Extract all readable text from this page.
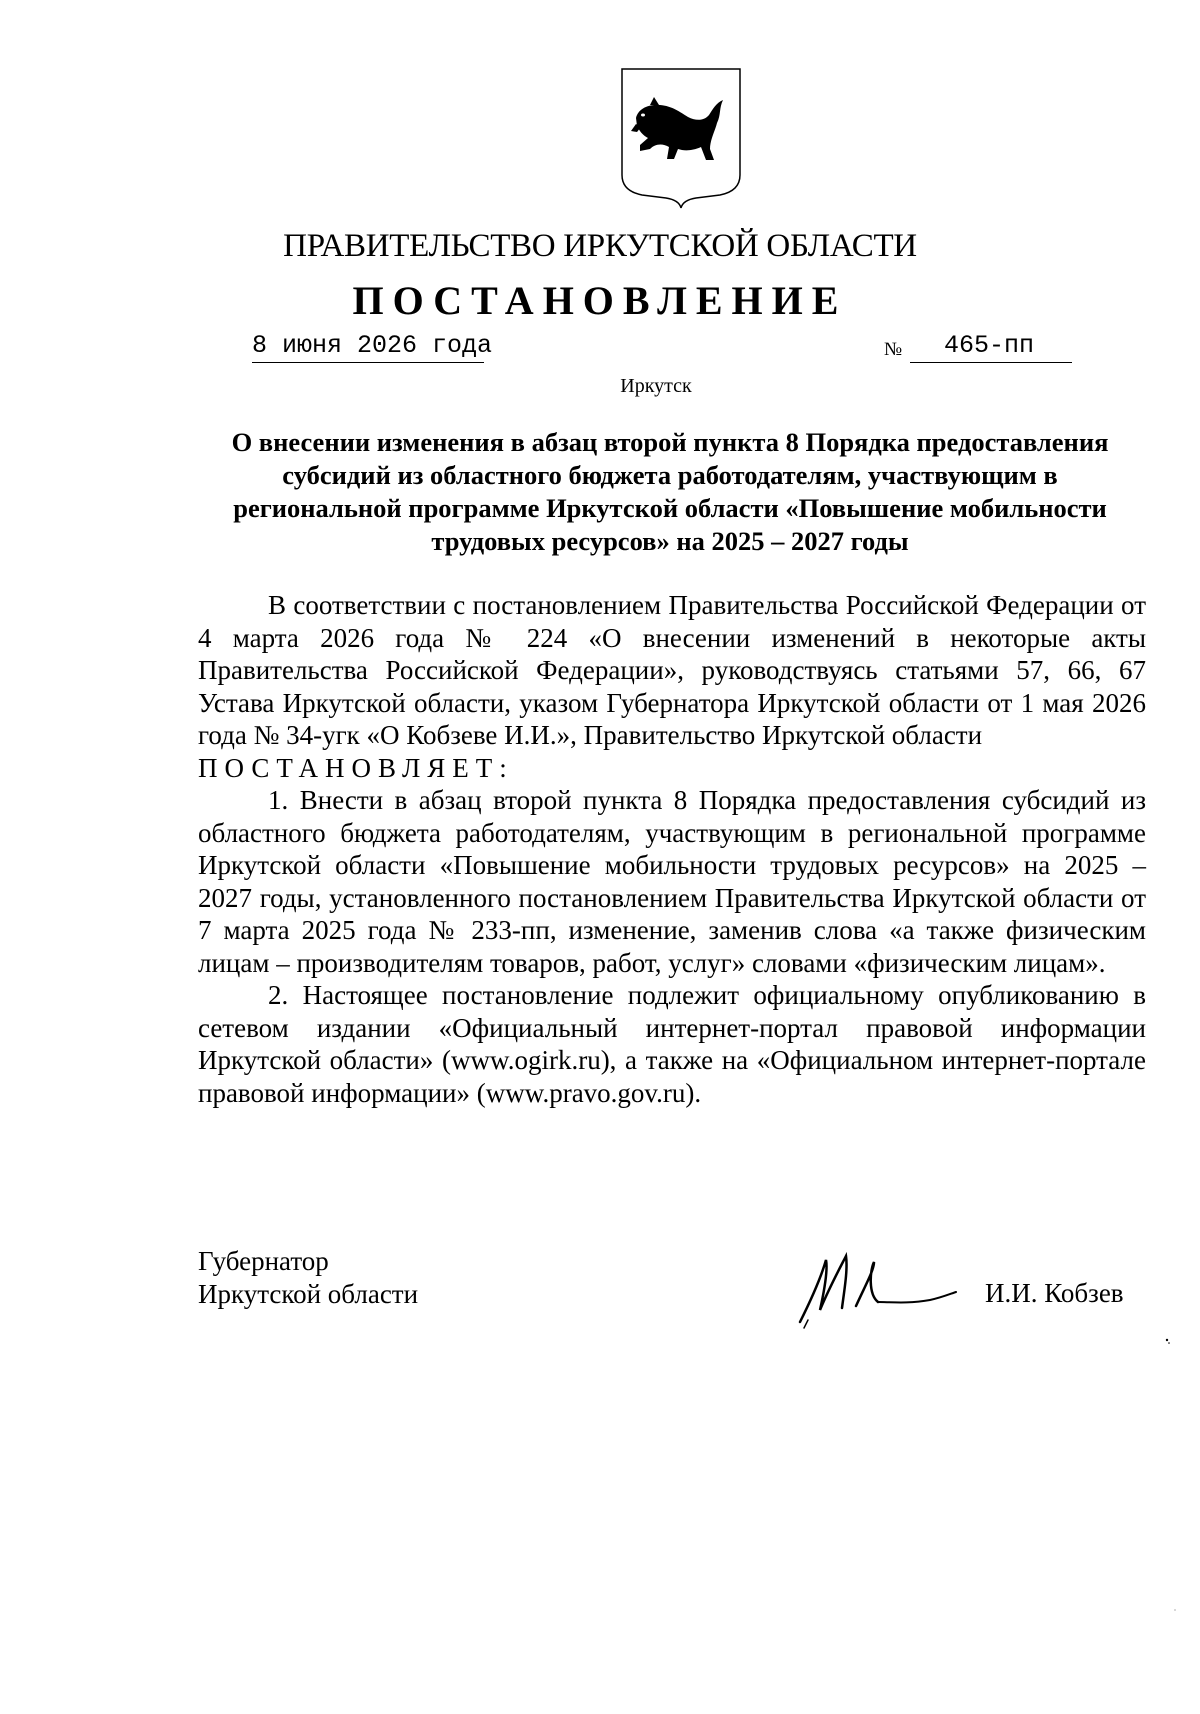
ПРАВИТЕЛЬСТВО ИРКУТСКОЙ ОБЛАСТИ
ПОСТАНОВЛЕНИЕ
8 июня 2026 года	№	465-пп
Иркутск
О внесении изменения в абзац второй пункта 8 Порядка предоставления
субсидий из областного бюджета работодателям, участвующим в
региональной программе Иркутской области «Повышение мобильности
трудовых ресурсов» на 2025 – 2027 годы

В соответствии с постановлением Правительства Российской Федерации от 4 марта 2026 года № 224 «О внесении изменений в некоторые акты Правительства Российской Федерации», руководствуясь статьями 57, 66, 67 Устава Иркутской области, указом Губернатора Иркутской области от 1 мая 2026 года № 34-угк «О Кобзеве И.И.», Правительство Иркутской области

ПОСТАНОВЛЯЕТ:

1. Внести в абзац второй пункта 8 Порядка предоставления субсидий из областного бюджета работодателям, участвующим в региональной программе Иркутской области «Повышение мобильности трудовых ресурсов» на 2025 – 2027 годы, установленного постановлением Правительства Иркутской области от 7 марта 2025 года № 233-пп, изменение, заменив слова «а также физическим лицам – производителям товаров, работ, услуг» словами «физическим лицам».

2. Настоящее постановление подлежит официальному опубликованию в сетевом издании «Официальный интернет-портал правовой информации Иркутской области» (www.ogirk.ru), а также на «Официальном интернет-портале правовой информации» (www.pravo.gov.ru).

Губернатор
Иркутской области	И.И. Кобзев
